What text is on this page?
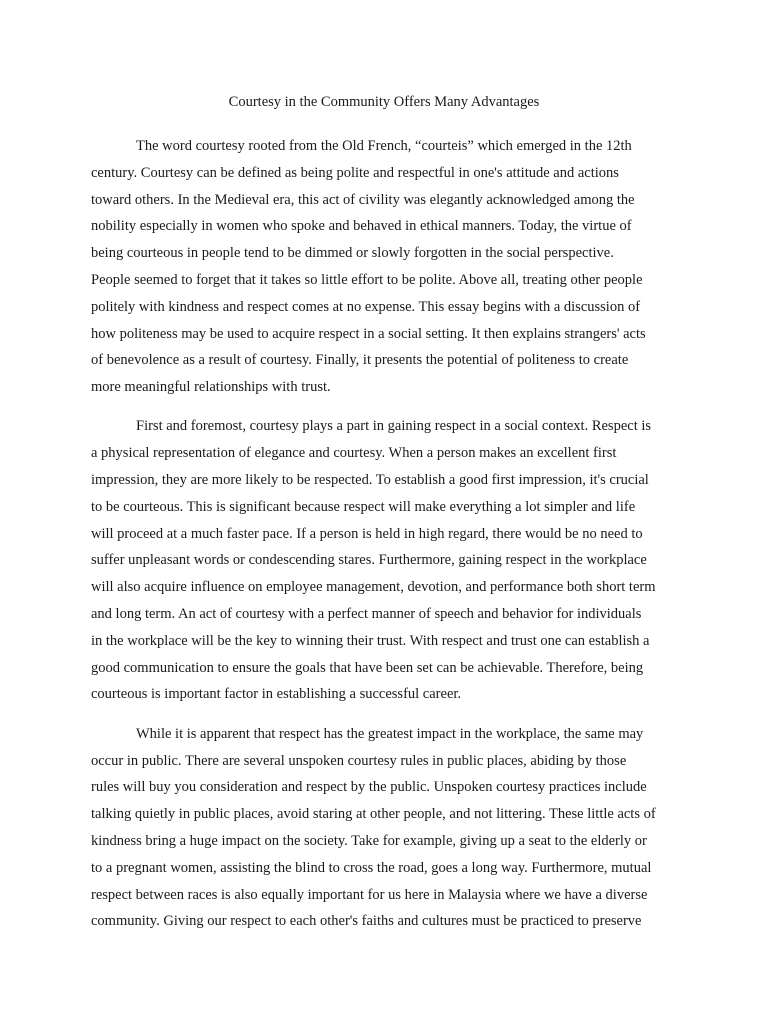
Courtesy in the Community Offers Many Advantages
The word courtesy rooted from the Old French, “courteis” which emerged in the 12th
century. Courtesy can be defined as being polite and respectful in one's attitude and actions
toward others. In the Medieval era, this act of civility was elegantly acknowledged among the
nobility especially in women who spoke and behaved in ethical manners. Today, the virtue of
being courteous in people tend to be dimmed or slowly forgotten in the social perspective.
People seemed to forget that it takes so little effort to be polite. Above all, treating other people
politely with kindness and respect comes at no expense. This essay begins with a discussion of
how politeness may be used to acquire respect in a social setting. It then explains strangers' acts
of benevolence as a result of courtesy. Finally, it presents the potential of politeness to create
more meaningful relationships with trust.
First and foremost, courtesy plays a part in gaining respect in a social context. Respect is
a physical representation of elegance and courtesy. When a person makes an excellent first
impression, they are more likely to be respected. To establish a good first impression, it's crucial
to be courteous. This is significant because respect will make everything a lot simpler and life
will proceed at a much faster pace. If a person is held in high regard, there would be no need to
suffer unpleasant words or condescending stares. Furthermore, gaining respect in the workplace
will also acquire influence on employee management, devotion, and performance both short term
and long term. An act of courtesy with a perfect manner of speech and behavior for individuals
in the workplace will be the key to winning their trust. With respect and trust one can establish a
good communication to ensure the goals that have been set can be achievable. Therefore, being
courteous is important factor in establishing a successful career.
While it is apparent that respect has the greatest impact in the workplace, the same may
occur in public. There are several unspoken courtesy rules in public places, abiding by those
rules will buy you consideration and respect by the public. Unspoken courtesy practices include
talking quietly in public places, avoid staring at other people, and not littering. These little acts of
kindness bring a huge impact on the society. Take for example, giving up a seat to the elderly or
to a pregnant women, assisting the blind to cross the road, goes a long way. Furthermore, mutual
respect between races is also equally important for us here in Malaysia where we have a diverse
community. Giving our respect to each other's faiths and cultures must be practiced to preserve
